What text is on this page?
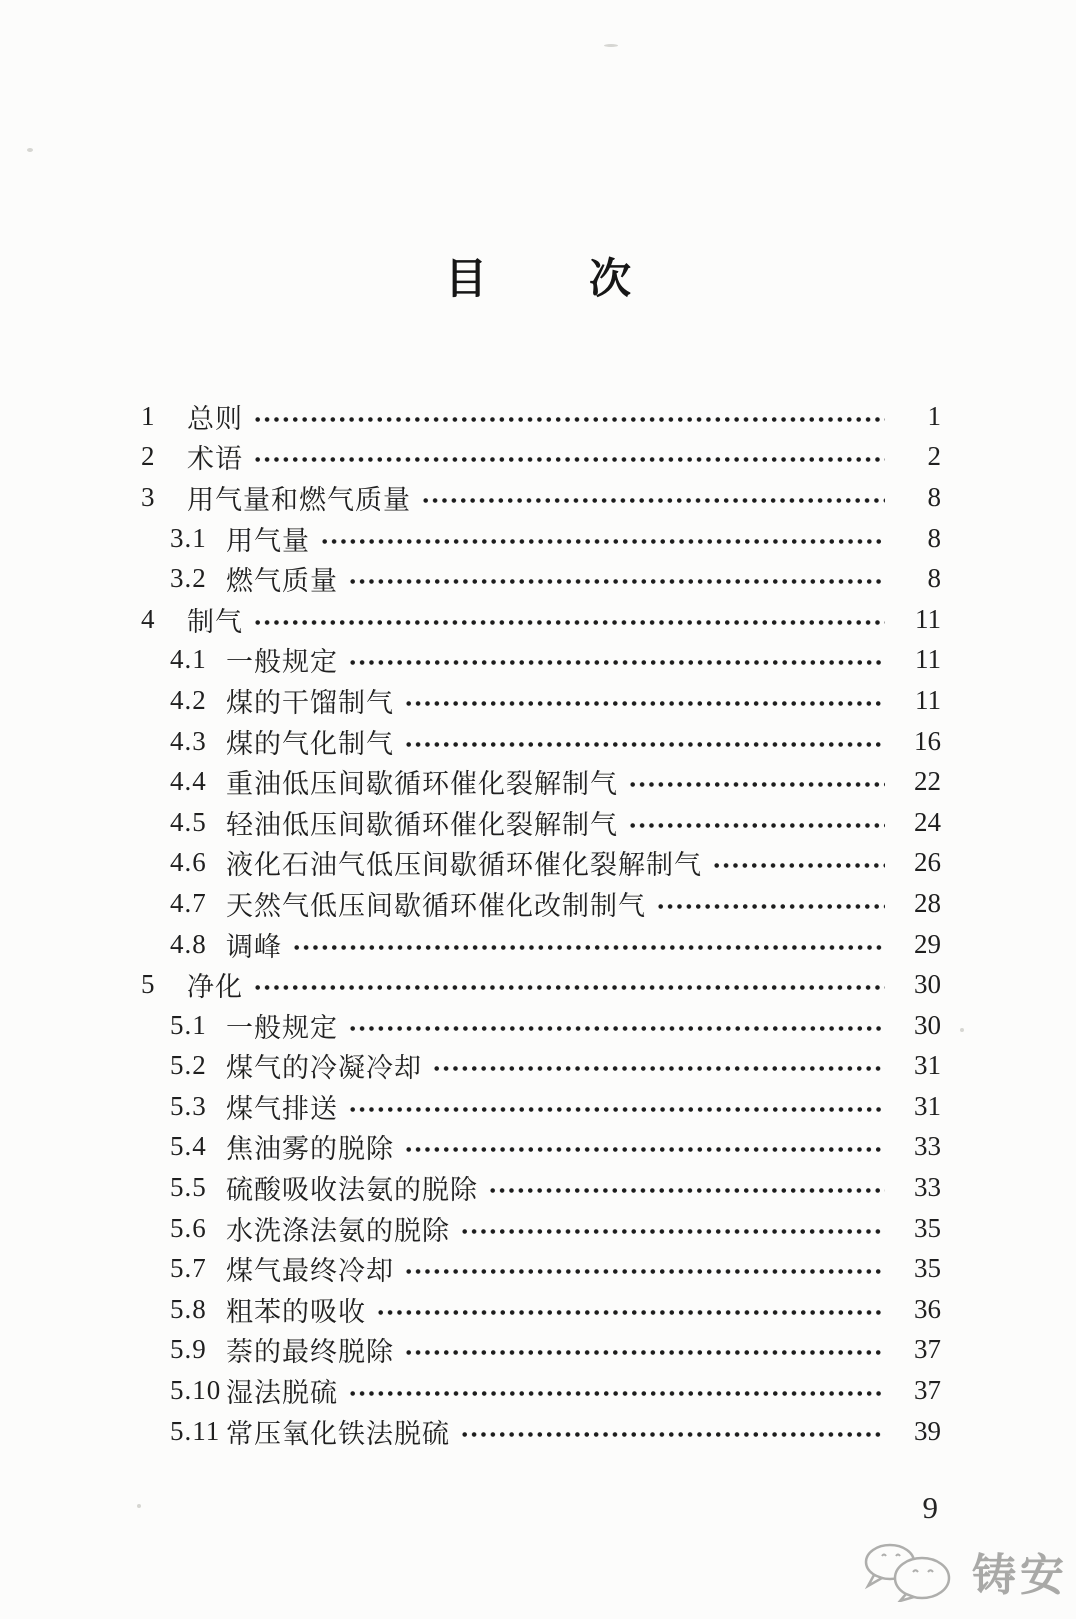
目 次
1	总则	1
2	术语	2
3	用气量和燃气质量	8
3.1 用气量	8
3.2 燃气质量	8
4	制气	11
4.1 一般规定	11
4.2 煤的干馏制气	11
4.3 煤的气化制气	16
4.4 重油低压间歇循环催化裂解制气	22
4.5 轻油低压间歇循环催化裂解制气	24
4.6 液化石油气低压间歇循环催化裂解制气	26
4.7 天然气低压间歇循环催化改制制气	28
4.8 调峰	29
5	净化	30
5.1 一般规定	30
5.2 煤气的冷凝冷却	31
5.3 煤气排送	31
5.4 焦油雾的脱除	33
5.5 硫酸吸收法氨的脱除	33
5.6 水洗涤法氨的脱除	35
5.7 煤气最终冷却	35
5.8 粗苯的吸收	36
5.9 萘的最终脱除	37
5.10 湿法脱硫	37
5.11 常压氧化铁法脱硫	39
9
铸安
